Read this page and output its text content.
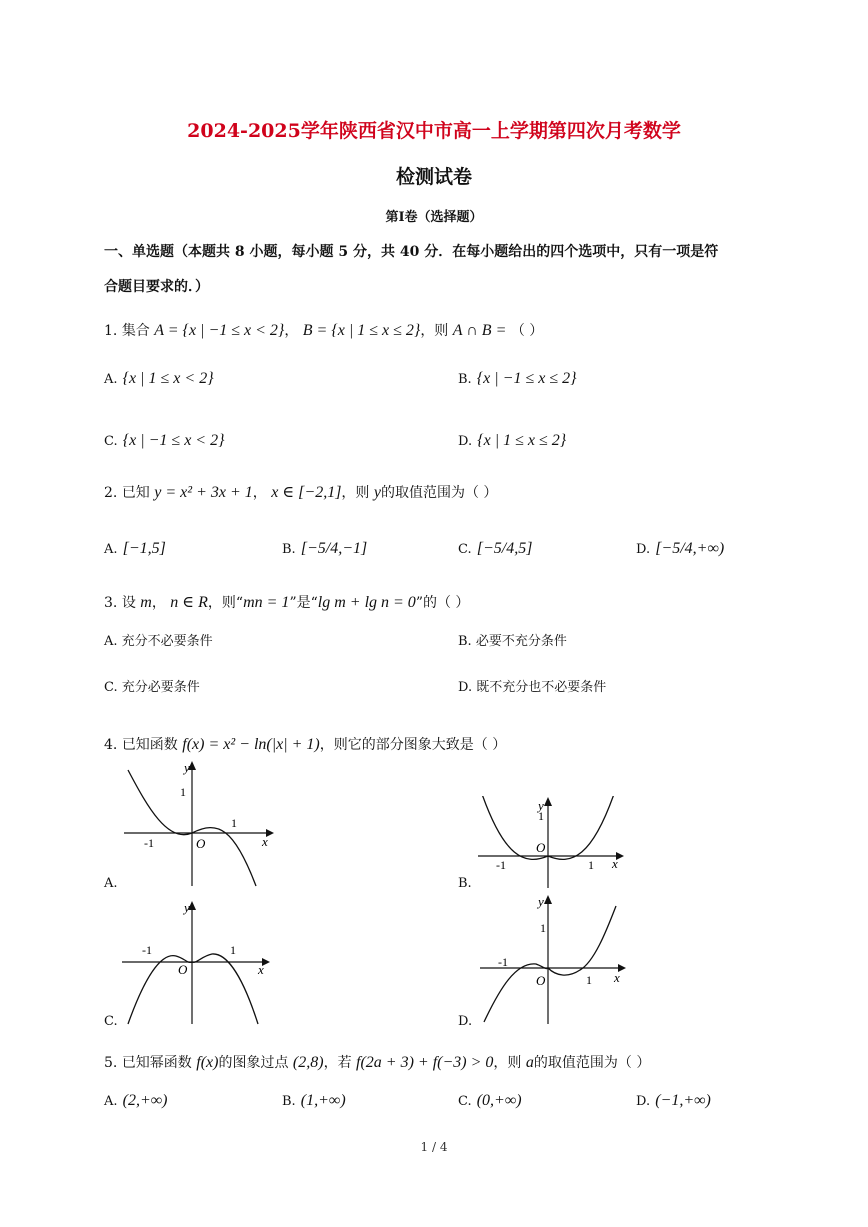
2024-2025学年陕西省汉中市高一上学期第四次月考数学
检测试卷
第Ⅰ卷（选择题）
一、单选题（本题共 8 小题，每小题 5 分，共 40 分．在每小题给出的四个选项中，只有一项是符
合题目要求的．）
1. 集合 A = {x | −1 ≤ x < 2}， B = {x | 1 ≤ x ≤ 2}，则 A ∩ B = （ ）
A. {x | 1 ≤ x < 2}	B. {x | −1 ≤ x ≤ 2}
C. {x | −1 ≤ x < 2}	D. {x | 1 ≤ x ≤ 2}
2. 已知 y = x² + 3x + 1， x ∈ [−2,1]，则 y的取值范围为（ ）
A. [−1,5]	B. [−5/4,−1]	C. [−5/4,5]	D. [−5/4,+∞)
3. 设 m， n ∈ R，则“mn = 1”是“lg m + lg n = 0”的（ ）
A. 充分不必要条件	B. 必要不充分条件
C. 充分必要条件	D. 既不充分也不必要条件
4. 已知函数 f(x) = x² − ln(|x| + 1)，则它的部分图象大致是（ ）
y
x
O
1
1
-1
A.
y
x
O
1
1
-1
B.
y
x
O
1
-1
C.
y
x
O
1
1
-1
D.
5. 已知幂函数 f(x)的图象过点 (2,8)，若 f(2a + 3) + f(−3) > 0，则 a的取值范围为（ ）
A. (2,+∞)	B. (1,+∞)	C. (0,+∞)	D. (−1,+∞)
1 / 4
